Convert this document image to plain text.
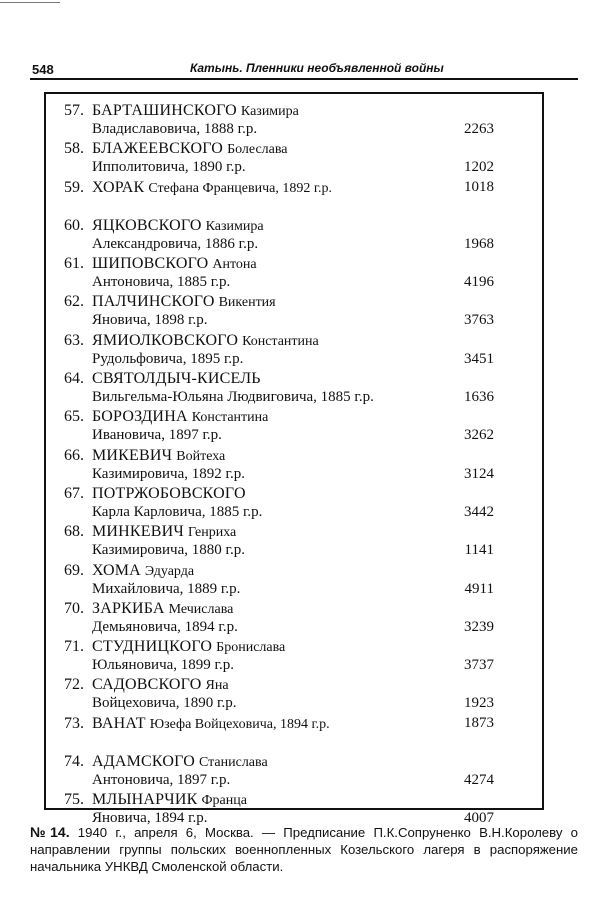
548	Катынь. Пленники необъявленной войны
57. БАРТАШИНСКОГО Казимира
Владиславовича, 1888 г.р.	2263
58. БЛАЖЕЕВСКОГО Болеслава
Ипполитовича, 1890 г.р.	1202
59. ХОРАК Стефана Францевича, 1892 г.р.	1018
60. ЯЦКОВСКОГО Казимира
Александровича, 1886 г.р.	1968
61. ШИПОВСКОГО Антона
Антоновича, 1885 г.р.	4196
62. ПАЛЧИНСКОГО Викентия
Яновича, 1898 г.р.	3763
63. ЯМИОЛКОВСКОГО Константина
Рудольфовича, 1895 г.р.	3451
64. СВЯТОЛДЫЧ-КИСЕЛЬ
Вильгельма-Юльяна Людвиговича, 1885 г.р.	1636
65. БОРОЗДИНА Константина
Ивановича, 1897 г.р.	3262
66. МИКЕВИЧ Войтеха
Казимировича, 1892 г.р.	3124
67. ПОТРЖОБОВСКОГО
Карла Карловича, 1885 г.р.	3442
68. МИНКЕВИЧ Генриха
Казимировича, 1880 г.р.	1141
69. ХОМА Эдуарда
Михайловича, 1889 г.р.	4911
70. ЗАРКИБА Мечислава
Демьяновича, 1894 г.р.	3239
71. СТУДНИЦКОГО Бронислава
Юльяновича, 1899 г.р.	3737
72. САДОВСКОГО Яна
Войцеховича, 1890 г.р.	1923
73. ВАНАТ Юзефа Войцеховича, 1894 г.р.	1873
74. АДАМСКОГО Станислава
Антоновича, 1897 г.р.	4274
75. МЛЫНАРЧИК Франца
Яновича, 1894 г.р.	4007
№14. 1940 г., апреля 6, Москва. — Предписание П.К.Сопруненко В.Н.Королеву о направлении группы польских военнопленных Козельского лагеря в распоряжение начальника УНКВД Смоленской области.
